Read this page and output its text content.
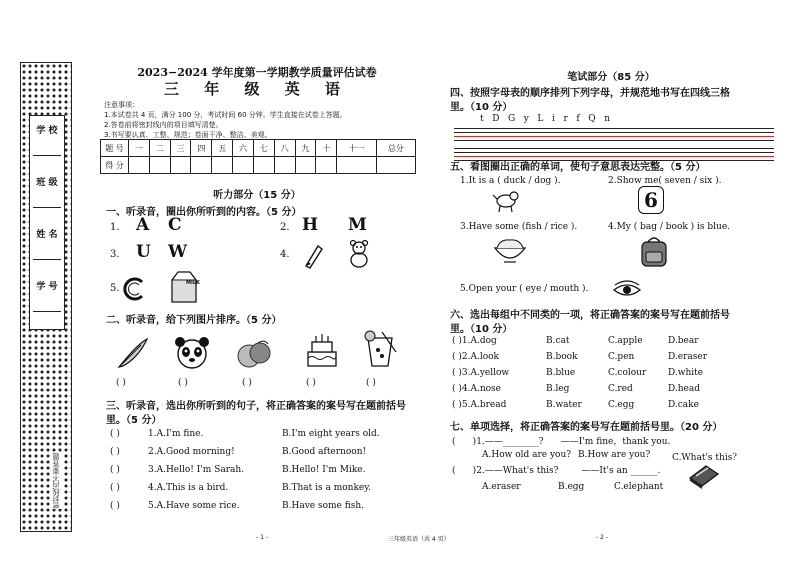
学 校
班 级
姓 名
学 号
密封线内不要答题
2023−2024 学年度第一学期教学质量评估试卷
三 年 级 英 语
注意事项：
1.本试卷共 4 页，满分 100 分，考试时间 60 分钟。学生直接在试卷上答题。
2.答卷前将密封线内的项目填写清楚。
3.书写要认真、工整、规范；卷面干净、整洁、美观。
题 号	一	二	三	四	五	六	七	八	九	十	十一	总分
得 分												
听力部分（15 分）
一、听录音，圈出你所听到的内容。（5 分）
1. A C	2. H M
3. U W	4.
5.	MILK
二、听录音，给下列图片排序。（5 分）
( )	( )	( )	( )	( )
三、听录音，选出你所听到的句子，将正确答案的案号写在题前括号
里。（5 分）
( )	1.A.I'm fine.	B.I'm eight years old.
( )	2.A.Good morning!	B.Good afternoon!
( )	3.A.Hello! I'm Sarah.	B.Hello! I'm Mike.
( )	4.A.This is a bird.	B.That is a monkey.
( )	5.A.Have some rice.	B.Have some fish.
- 1 -
笔试部分（85 分）
四、按照字母表的顺序排列下列字母，并规范地书写在四线三格
里。（10 分）
t   D   G   y   L   i   r   f   Q   n
五、看图圈出正确的单词，使句子意思表达完整。（5 分）
1.It is a ( duck / dog ).	2.Show me( seven / six ).
6
3.Have some (fish / rice ).	4.My ( bag / book ) is blue.
5.Open your ( eye / mouth ).
六、选出每组中不同类的一项，将正确答案的案号写在题前括号
里。（10 分）
( )1.A.dog	B.cat	C.apple	D.bear
( )2.A.look	B.book	C.pen	D.eraser
( )3.A.yellow	B.blue	C.colour D.white
( )4.A.nose	B.leg	C.red	D.head
( )5.A.bread	B.water	C.egg	D.cake
七、单项选择，将正确答案的案号写在题前括号里。（20 分）
(      )1.——________?      ——I'm fine，thank you.
A.How old are you? B.How are you? C.What's this？
(      )2.——What's this?        ——It's an ______.
A.eraser	B.egg	C.elephant
- 2 -
三年级英语（共 4 页）
